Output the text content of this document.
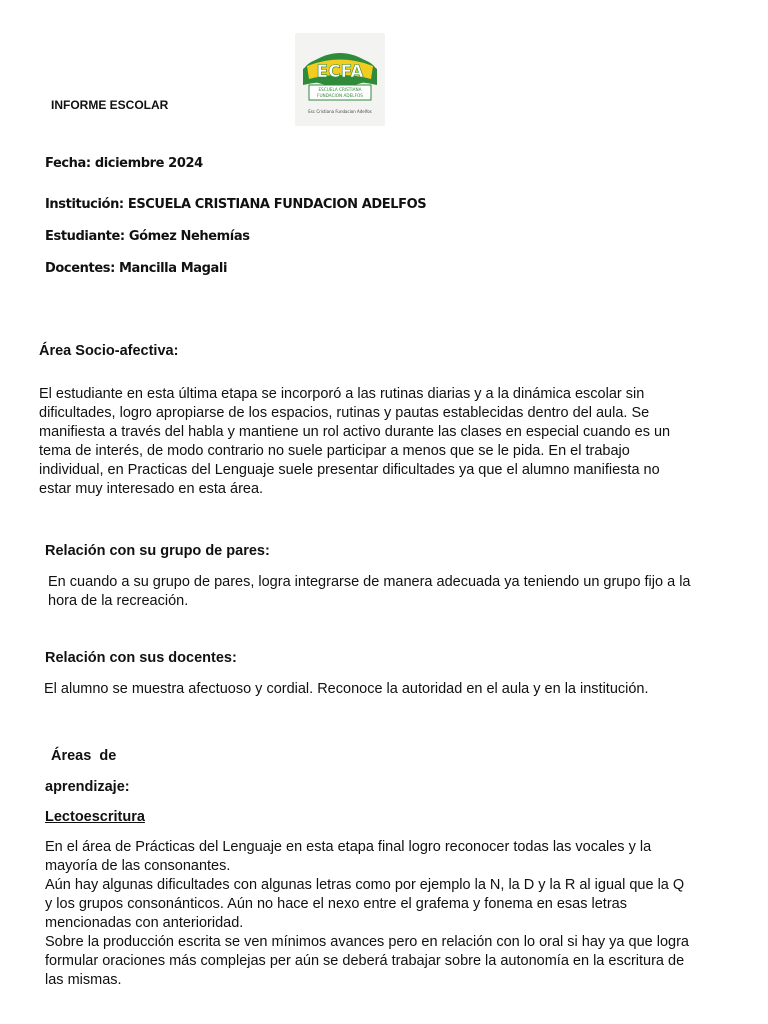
INFORME ESCOLAR
ECFA
ESCUELA CRISTIANA
FUNDACION ADELFOS
Esc Cristiana Fundacion Adelfos
Fecha: diciembre 2024
Institución: ESCUELA CRISTIANA FUNDACION ADELFOS
Estudiante: Gómez Nehemías
Docentes: Mancilla Magali
Área Socio-afectiva:
El estudiante en esta última etapa se incorporó a las rutinas diarias y a la dinámica escolar sin
dificultades, logro apropiarse de los espacios, rutinas y pautas establecidas dentro del aula. Se
manifiesta a través del habla y mantiene un rol activo durante las clases en especial cuando es un
tema de interés, de modo contrario no suele participar a menos que se le pida. En el trabajo
individual, en Practicas del Lenguaje suele presentar dificultades ya que el alumno manifiesta no
estar muy interesado en esta área.
Relación con su grupo de pares:
En cuando a su grupo de pares, logra integrarse de manera adecuada ya teniendo un grupo fijo a la
hora de la recreación.
Relación con sus docentes:
El alumno se muestra afectuoso y cordial. Reconoce la autoridad en el aula y en la institución.
Áreas  de
aprendizaje:
Lectoescritura
En el área de Prácticas del Lenguaje en esta etapa final logro reconocer todas las vocales y la
mayoría de las consonantes.
Aún hay algunas dificultades con algunas letras como por ejemplo la N, la D y la R al igual que la Q
y los grupos consonánticos. Aún no hace el nexo entre el grafema y fonema en esas letras
mencionadas con anterioridad.
Sobre la producción escrita se ven mínimos avances pero en relación con lo oral si hay ya que logra
formular oraciones más complejas per aún se deberá trabajar sobre la autonomía en la escritura de
las mismas.
